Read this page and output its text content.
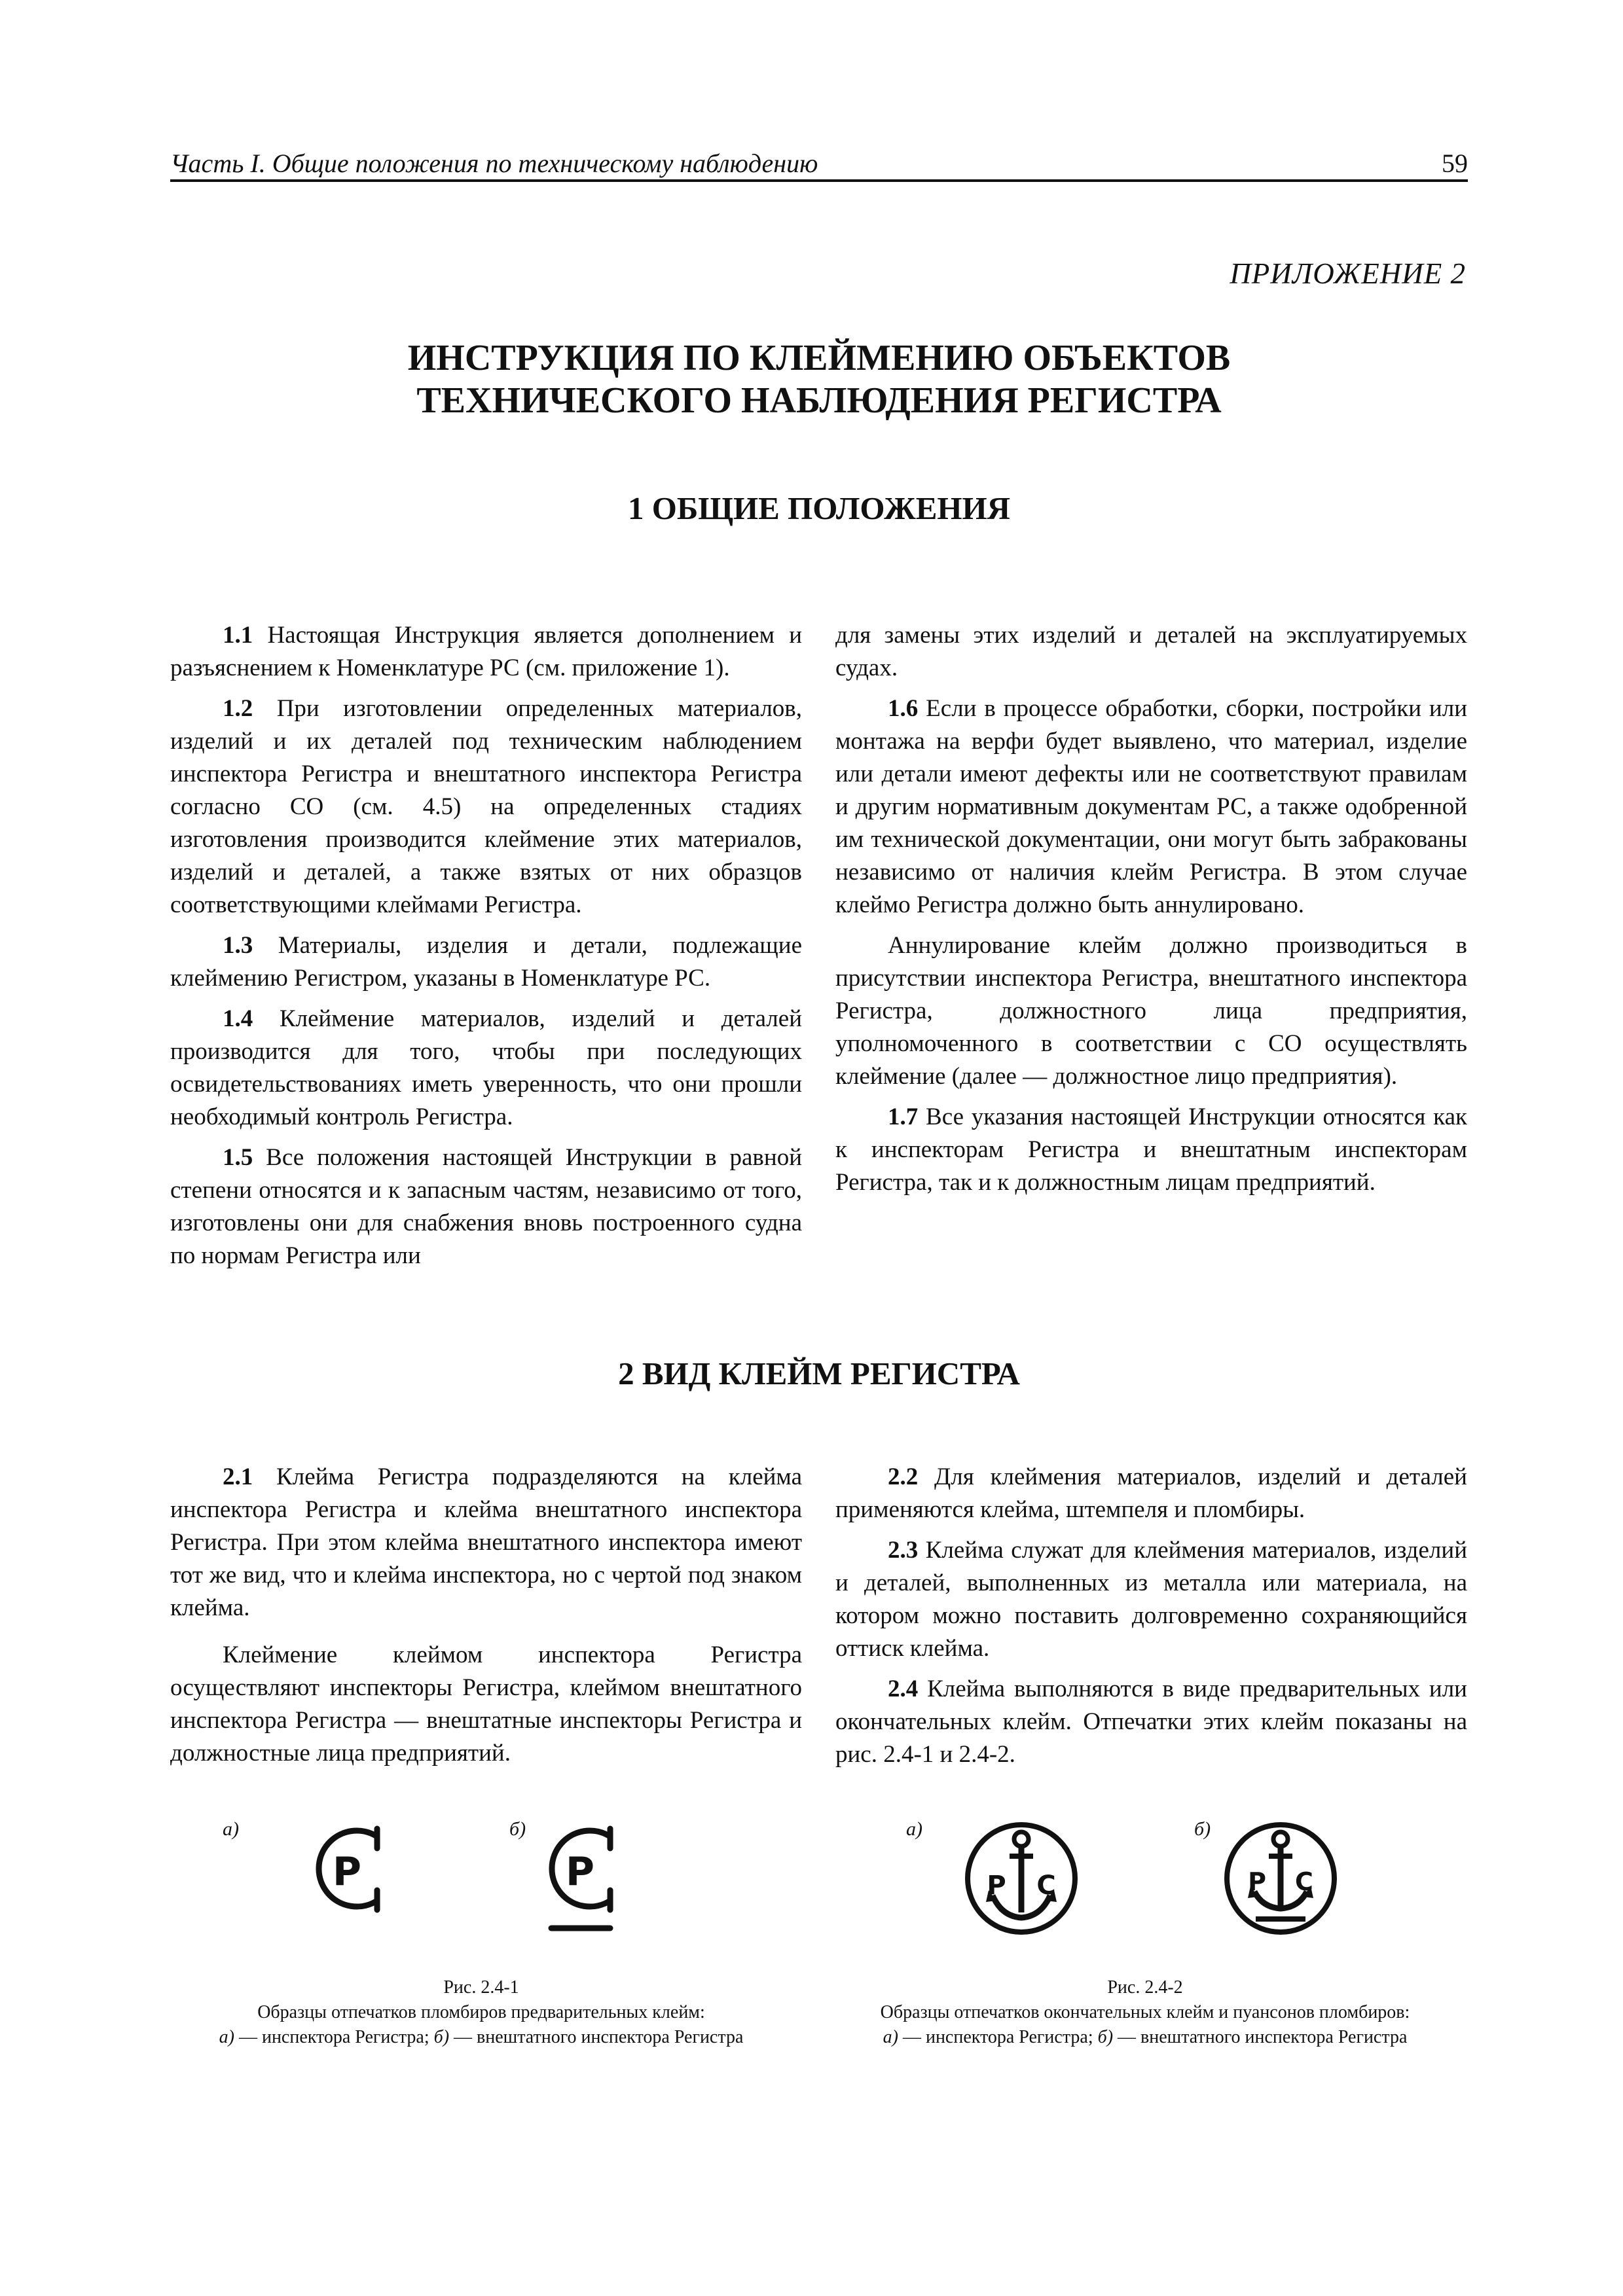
Часть I. Общие положения по техническому наблюдению	59
ПРИЛОЖЕНИЕ 2
ИНСТРУКЦИЯ ПО КЛЕЙМЕНИЮ ОБЪЕКТОВ
ТЕХНИЧЕСКОГО НАБЛЮДЕНИЯ РЕГИСТРА
1 ОБЩИЕ ПОЛОЖЕНИЯ

1.1 Настоящая Инструкция является дополнением и разъяснением к Номенклатуре РС (см. приложение 1).

1.2 При изготовлении определенных материалов, изделий и их деталей под техническим наблюдением инспектора Регистра и внештатного инспектора Регистра согласно СО (см. 4.5) на определенных стадиях изготовления производится клеймение этих материалов, изделий и деталей, а также взятых от них образцов соответствующими клеймами Регистра.

1.3 Материалы, изделия и детали, подлежащие клеймению Регистром, указаны в Номенклатуре РС.

1.4 Клеймение материалов, изделий и деталей производится для того, чтобы при последующих освидетельствованиях иметь уверенность, что они прошли необходимый контроль Регистра.

1.5 Все положения настоящей Инструкции в равной степени относятся и к запасным частям, независимо от того, изготовлены они для снабжения вновь построенного судна по нормам Регистра или

для замены этих изделий и деталей на эксплуатируемых судах.

1.6 Если в процессе обработки, сборки, постройки или монтажа на верфи будет выявлено, что материал, изделие или детали имеют дефекты или не соответствуют правилам и другим нормативным документам РС, а также одобренной им технической документации, они могут быть забракованы независимо от наличия клейм Регистра. В этом случае клеймо Регистра должно быть аннулировано.

Аннулирование клейм должно производиться в присутствии инспектора Регистра, внештатного инспектора Регистра, должностного лица предприятия, уполномоченного в соответствии с СО осуществлять клеймение (далее — должностное лицо предприятия).

1.7 Все указания настоящей Инструкции относятся как к инспекторам Регистра и внештатным инспекторам Регистра, так и к должностным лицам предприятий.

2 ВИД КЛЕЙМ РЕГИСТРА

2.1 Клейма Регистра подразделяются на клейма инспектора Регистра и клейма внештатного инспектора Регистра. При этом клейма внештатного инспектора имеют тот же вид, что и клейма инспектора, но с чертой под знаком клейма.

Клеймение клеймом инспектора Регистра осуществляют инспекторы Регистра, клеймом внештатного инспектора Регистра — внештатные инспекторы Регистра и должностные лица предприятий.

2.2 Для клеймения материалов, изделий и деталей применяются клейма, штемпеля и пломбиры.

2.3 Клейма служат для клеймения материалов, изделий и деталей, выполненных из металла или материала, на котором можно поставить долговременно сохраняющийся оттиск клейма.

2.4 Клейма выполняются в виде предварительных или окончательных клейм. Отпечатки этих клейм показаны на рис. 2.4-1 и 2.4-2.

а)
P
б)
P
Рис. 2.4-1
Образцы отпечатков пломбиров предварительных клейм:
а) — инспектора Регистра; б) — внештатного инспектора Регистра
а)
P C
б)
P C
Рис. 2.4-2
Образцы отпечатков окончательных клейм и пуансонов пломбиров:
а) — инспектора Регистра; б) — внештатного инспектора Регистра
